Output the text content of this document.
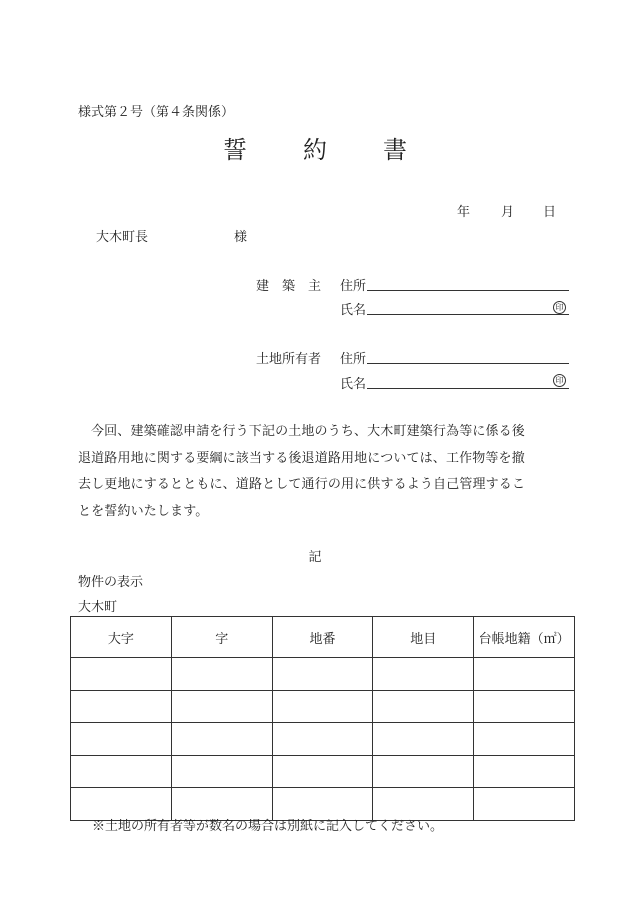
様式第２号（第４条関係）
誓 約 書
年 月 日
大木町長	様
建　築　主 住所
氏名	印
土地所有者 住所
氏名	印
今回、建築確認申請を行う下記の土地のうち、大木町建築行為等に係る後
退道路用地に関する要綱に該当する後退道路用地については、工作物等を撤
去し更地にするとともに、道路として通行の用に供するよう自己管理するこ
とを誓約いたします。
記
物件の表示
大木町
大字	字	地番	地目	台帳地籍（㎡）

※土地の所有者等が数名の場合は別紙に記入してください。
